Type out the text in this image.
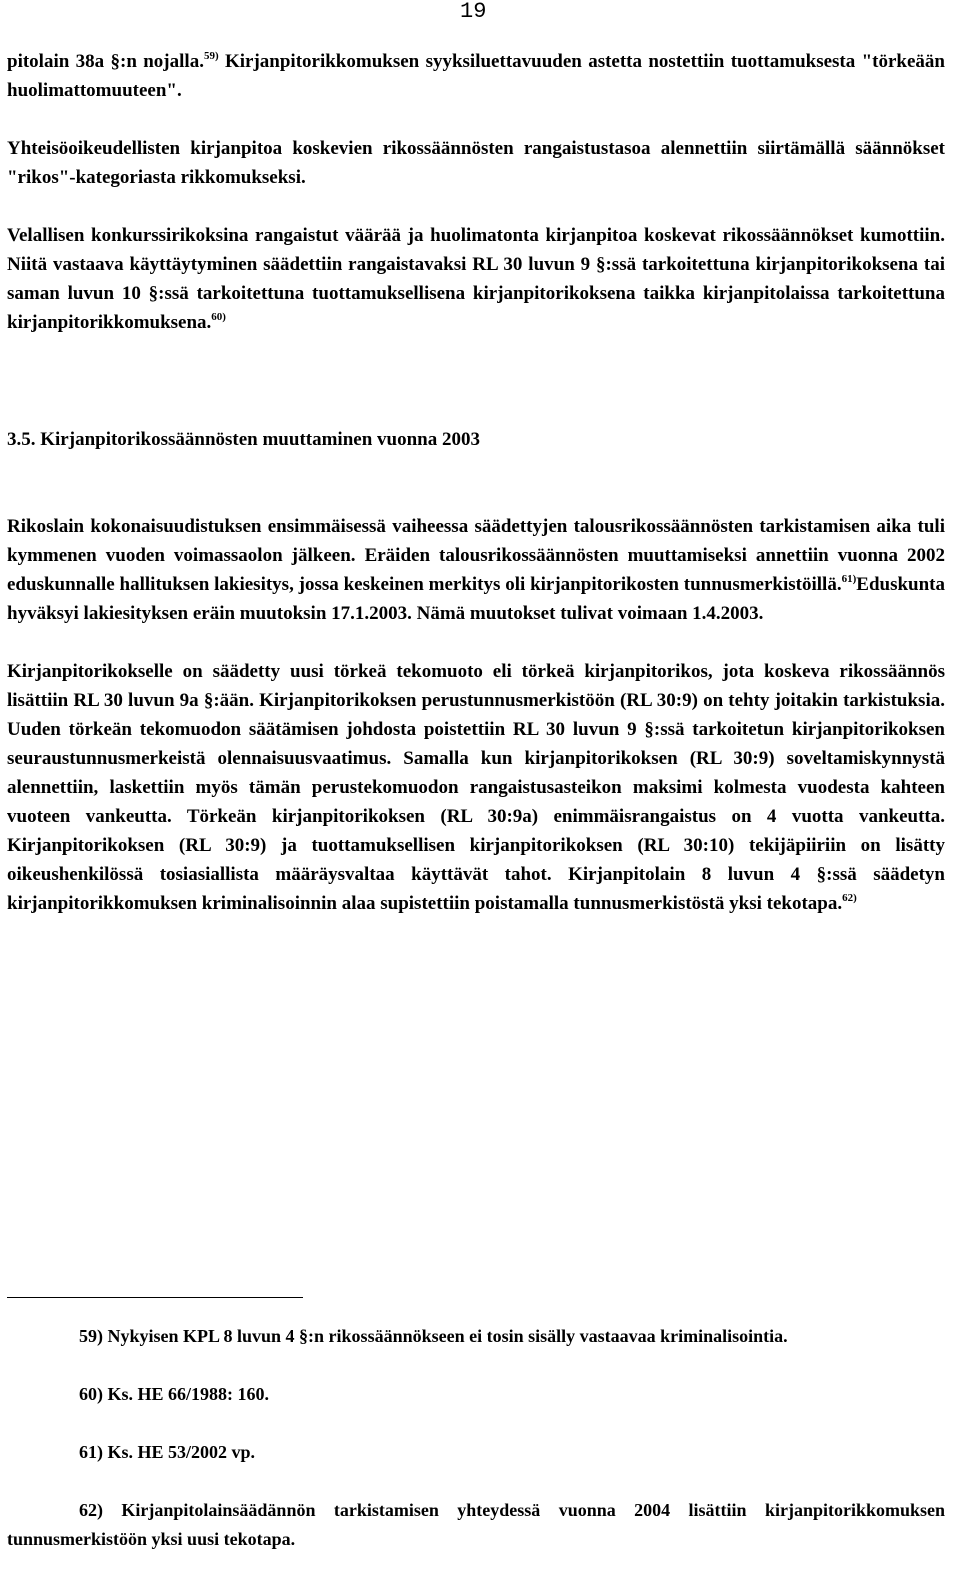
19

pitolain 38a §:n nojalla.$^{59)}$ Kirjanpitorikkomuksen syyksiluettavuuden astetta nostettiin tuottamuksesta "törkeään huolimattomuuteen".

Yhteisöoikeudellisten kirjanpitoa koskevien rikossäännösten rangaistustasoa alennettiin siirtämällä säännökset "rikos"-kategoriasta rikkomukseksi.

Velallisen konkurssirikoksina rangaistut väärää ja huolimatonta kirjanpitoa koskevat rikossäännökset kumottiin. Niitä vastaava käyttäytyminen säädettiin rangaistavaksi RL 30 luvun 9 §:ssä tarkoitettuna kirjanpitorikoksena tai saman luvun 10 §:ssä tarkoitettuna tuottamuksellisena kirjanpitorikoksena taikka kirjanpitolaissa tarkoitettuna kirjanpitorikkomuksena.$^{60)}$

3.5. Kirjanpitorikossäännösten muuttaminen vuonna 2003

Rikoslain kokonaisuudistuksen ensimmäisessä vaiheessa säädettyjen talousrikossäännösten tarkistamisen aika tuli kymmenen vuoden voimassaolon jälkeen. Eräiden talousrikossäännösten muuttamiseksi annettiin vuonna 2002 eduskunnalle hallituksen lakiesitys, jossa keskeinen merkitys oli kirjanpitorikosten tunnusmerkistöillä.$^{61)}$Eduskunta hyväksyi lakiesityksen eräin muutoksin 17.1.2003. Nämä muutokset tulivat voimaan 1.4.2003.

Kirjanpitorikokselle on säädetty uusi törkeä tekomuoto eli törkeä kirjanpitorikos, jota koskeva rikossäännös lisättiin RL 30 luvun 9a §:ään. Kirjanpitorikoksen perustunnusmerkistöön (RL 30:9) on tehty joitakin tarkistuksia. Uuden törkeän tekomuodon säätämisen johdosta poistettiin RL 30 luvun 9 §:ssä tarkoitetun kirjanpitorikoksen seuraustunnusmerkeistä olennaisuusvaatimus. Samalla kun kirjanpitorikoksen (RL 30:9) soveltamiskynnystä alennettiin, laskettiin myös tämän perustekomuodon rangaistusasteikon maksimi kolmesta vuodesta kahteen vuoteen vankeutta. Törkeän kirjanpitorikoksen (RL 30:9a) enimmäisrangaistus on 4 vuotta vankeutta. Kirjanpitorikoksen (RL 30:9) ja tuottamuksellisen kirjanpitorikoksen (RL 30:10) tekijäpiiriin on lisätty oikeushenkilössä tosiasiallista määräysvaltaa käyttävät tahot. Kirjanpitolain 8 luvun 4 §:ssä säädetyn kirjanpitorikkomuksen kriminalisoinnin alaa supistettiin poistamalla tunnusmerkistöstä yksi tekotapa.$^{62)}$

59) Nykyisen KPL 8 luvun 4 §:n rikossäännökseen ei tosin sisälly vastaavaa kriminalisointia.

60) Ks. HE 66/1988: 160.

61) Ks. HE 53/2002 vp.

62) Kirjanpitolainsäädännön tarkistamisen yhteydessä vuonna 2004 lisättiin kirjanpitorikkomuksen tunnusmerkistöön yksi uusi tekotapa.
